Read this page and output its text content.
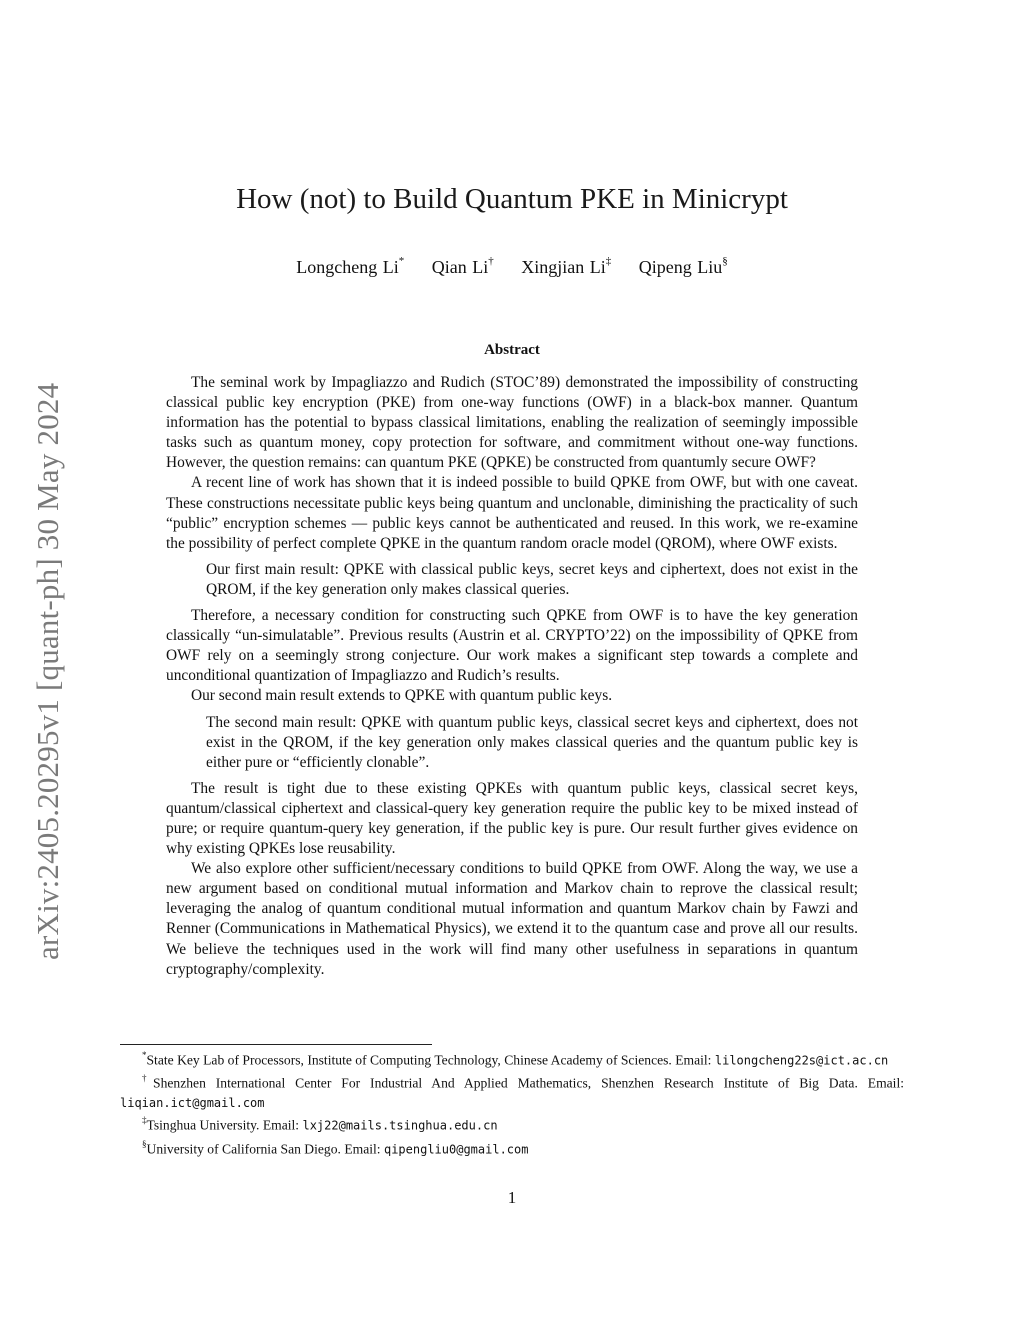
arXiv:2405.20295v1 [quant-ph] 30 May 2024
How (not) to Build Quantum PKE in Minicrypt
Longcheng Li* Qian Li† Xingjian Li‡ Qipeng Liu§
Abstract

The seminal work by Impagliazzo and Rudich (STOC’89) demonstrated the impossibility of constructing classical public key encryption (PKE) from one-way functions (OWF) in a black-box manner. Quantum information has the potential to bypass classical limitations, enabling the realization of seemingly impossible tasks such as quantum money, copy protection for software, and commitment without one-way functions. However, the question remains: can quantum PKE (QPKE) be constructed from quantumly secure OWF?

A recent line of work has shown that it is indeed possible to build QPKE from OWF, but with one caveat. These constructions necessitate public keys being quantum and unclonable, diminishing the practicality of such “public” encryption schemes — public keys cannot be authenticated and reused. In this work, we re-examine the possibility of perfect complete QPKE in the quantum random oracle model (QROM), where OWF exists.

Our first main result: QPKE with classical public keys, secret keys and ciphertext, does not exist in the QROM, if the key generation only makes classical queries.

Therefore, a necessary condition for constructing such QPKE from OWF is to have the key generation classically “un-simulatable”. Previous results (Austrin et al. CRYPTO’22) on the impossibility of QPKE from OWF rely on a seemingly strong conjecture. Our work makes a significant step towards a complete and unconditional quantization of Impagliazzo and Rudich’s results.

Our second main result extends to QPKE with quantum public keys.

The second main result: QPKE with quantum public keys, classical secret keys and ciphertext, does not exist in the QROM, if the key generation only makes classical queries and the quantum public key is either pure or “efficiently clonable”.

The result is tight due to these existing QPKEs with quantum public keys, classical secret keys, quantum/classical ciphertext and classical-query key generation require the public key to be mixed instead of pure; or require quantum-query key generation, if the public key is pure. Our result further gives evidence on why existing QPKEs lose reusability.

We also explore other sufficient/necessary conditions to build QPKE from OWF. Along the way, we use a new argument based on conditional mutual information and Markov chain to reprove the classical result; leveraging the analog of quantum conditional mutual information and quantum Markov chain by Fawzi and Renner (Communications in Mathematical Physics), we extend it to the quantum case and prove all our results. We believe the techniques used in the work will find many other usefulness in separations in quantum cryptography/complexity.

*State Key Lab of Processors, Institute of Computing Technology, Chinese Academy of Sciences. Email: lilongcheng22s@ict.ac.cn

†Shenzhen International Center For Industrial And Applied Mathematics, Shenzhen Research Institute of Big Data. Email: liqian.ict@gmail.com

‡Tsinghua University. Email: lxj22@mails.tsinghua.edu.cn

§University of California San Diego. Email: qipengliu0@gmail.com

1
